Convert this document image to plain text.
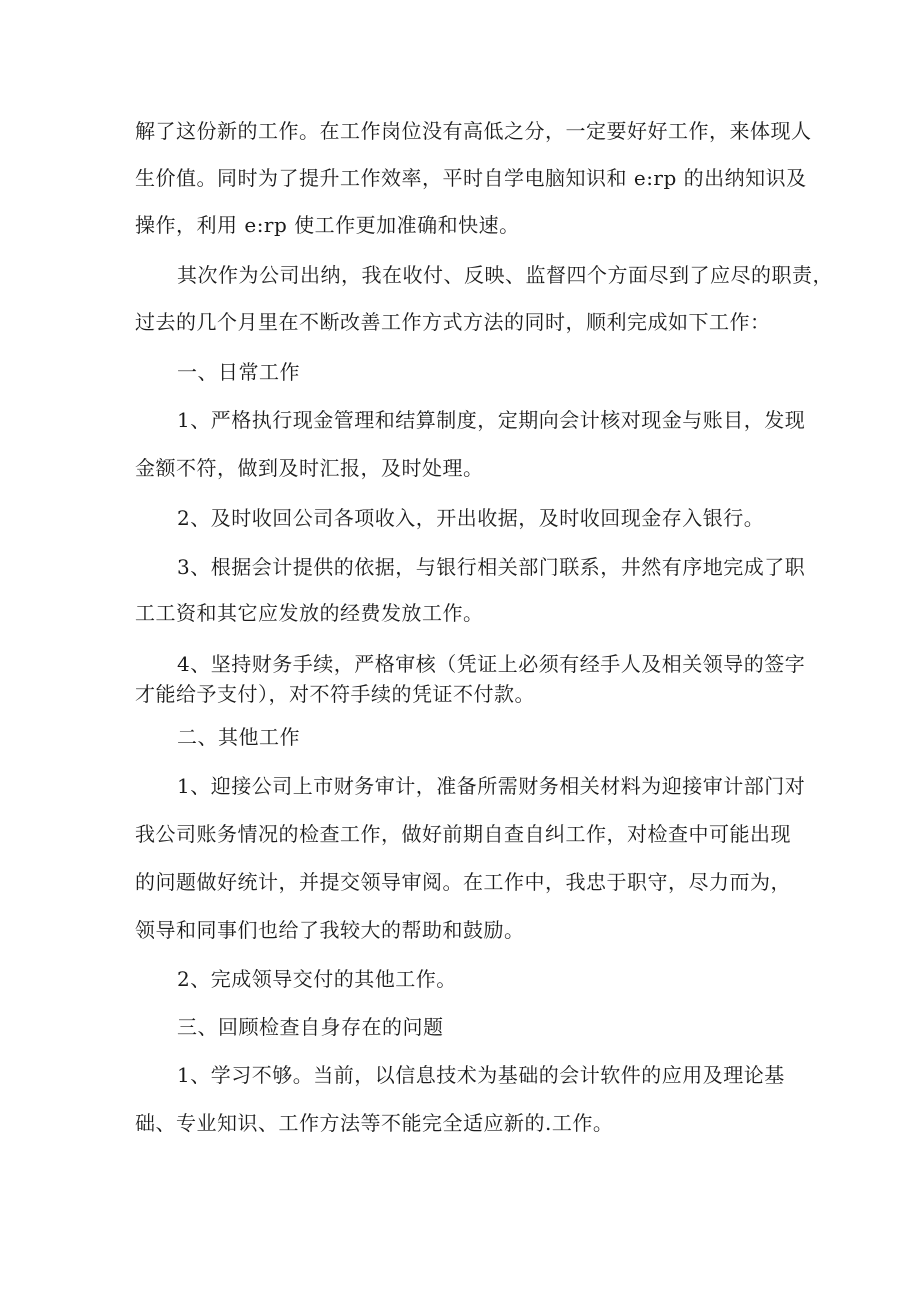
解了这份新的工作。在工作岗位没有高低之分，一定要好好工作，来体现人
生价值。同时为了提升工作效率，平时自学电脑知识和 e:rp 的出纳知识及
操作，利用 e:rp 使工作更加准确和快速。
其次作为公司出纳，我在收付、反映、监督四个方面尽到了应尽的职责，
过去的几个月里在不断改善工作方式方法的同时，顺利完成如下工作：
一、日常工作
1、严格执行现金管理和结算制度，定期向会计核对现金与账目，发现
金额不符，做到及时汇报，及时处理。
2、及时收回公司各项收入，开出收据，及时收回现金存入银行。
3、根据会计提供的依据，与银行相关部门联系，井然有序地完成了职
工工资和其它应发放的经费发放工作。
4、坚持财务手续，严格审核（凭证上必须有经手人及相关领导的签字
才能给予支付），对不符手续的凭证不付款。
二、其他工作
1、迎接公司上市财务审计，准备所需财务相关材料为迎接审计部门对
我公司账务情况的检查工作，做好前期自查自纠工作，对检查中可能出现
的问题做好统计，并提交领导审阅。在工作中，我忠于职守，尽力而为，
领导和同事们也给了我较大的帮助和鼓励。
2、完成领导交付的其他工作。
三、回顾检查自身存在的问题
1、学习不够。当前，以信息技术为基础的会计软件的应用及理论基
础、专业知识、工作方法等不能完全适应新的.工作。
